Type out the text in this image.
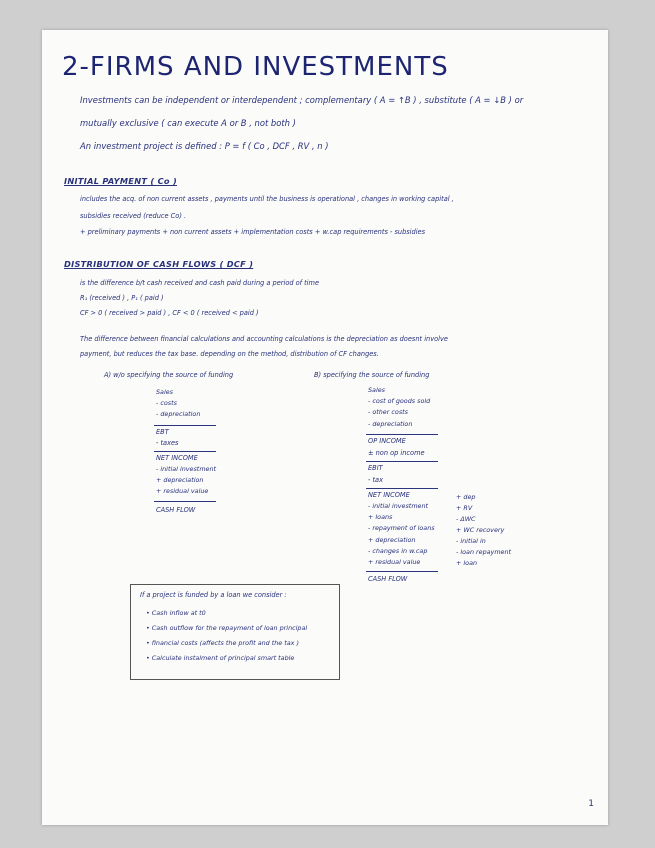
2-FIRMS AND INVESTMENTS
Investments can be independent or interdependent ; complementary ( A = ↑B ) , substitute ( A = ↓B ) or
mutually exclusive ( can execute A or B , not both )
An investment project is defined : P = f ( Co , DCF , RV , n )
INITIAL PAYMENT ( Co )
includes the acq. of non current assets , payments until the business is operational , changes in working capital ,
subsidies received (reduce Co) .
+ preliminary payments + non current assets + implementation costs + w.cap requirements - subsidies
DISTRIBUTION OF CASH FLOWS ( DCF )
is the difference b/t cash received and cash paid during a period of time
R₁ (received ) , P₁ ( paid )
CF > 0 ( received > paid ) , CF < 0 ( received < paid )
The difference between financial calculations and accounting calculations is the depreciation as doesnt involve
payment, but reduces the tax base. depending on the method, distribution of CF changes.
A) w/o specifying the source of funding
Sales
- costs
- depreciation
EBT
- taxes
NET INCOME
- initial investment
+ depreciation
+ residual value
CASH FLOW
B) specifying the source of funding
Sales
- cost of goods sold
- other costs
- depreciation
OP INCOME
± non op income
EBIT
- tax
NET INCOME
- initial investment
+ loans
- repayment of loans
+ depreciation
- changes in w.cap
+ residual value
CASH FLOW
+ dep
+ RV
- ΔWC
+ WC recovery
- initial in
- loan repayment
+ loan
If a project is funded by a loan we consider :
• Cash inflow at t0
• Cash outflow for the repayment of loan principal
• financial costs (affects the profit and the tax )
• Calculate instalment of principal smart table
1
